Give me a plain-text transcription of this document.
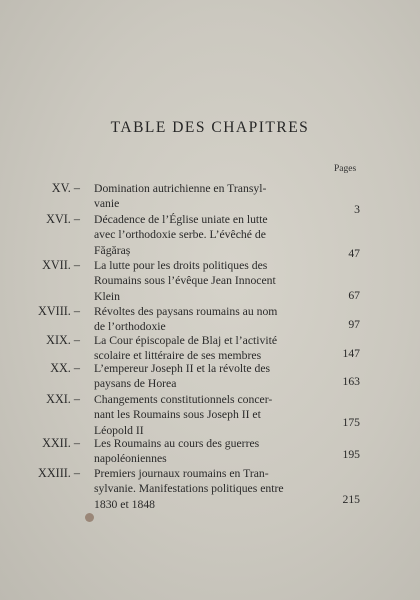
TABLE DES CHAPITRES
Pages
XV. – Domination autrichienne en Transyl-
vanie	3
XVI. – Décadence de l’Église uniate en lutte
avec l’orthodoxie serbe. L’évêché de
Făgăraș	47
XVII. – La lutte pour les droits politiques des
Roumains sous l’évêque Jean Innocent
Klein	67
XVIII. – Révoltes des paysans roumains au nom
de l’orthodoxie	97
XIX. – La Cour épiscopale de Blaj et l’activité
scolaire et littéraire de ses membres	147
XX. – L’empereur Joseph II et la révolte des
paysans de Horea	163
XXI. – Changements constitutionnels concer-
nant les Roumains sous Joseph II et
Léopold II
175
XXII. – Les Roumains au cours des guerres
napoléoniennes	195
XXIII. – Premiers journaux roumains en Tran-
sylvanie. Manifestations politiques entre
1830 et 1848	215
